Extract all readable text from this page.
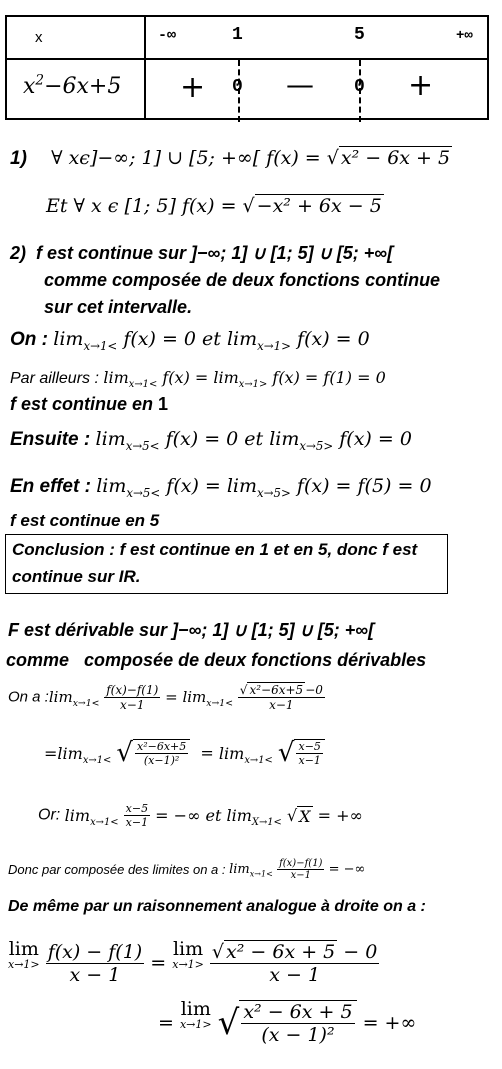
x	-∞ 1 5 +∞

$x^2-6x+5$	+ 0 — 0 +
1) ∀ xϵ]−∞; 1] ∪ [5; +∞[ f(x) = √ x² − 6x + 5
Et ∀ x ϵ [1; 5] f(x) = √ −x² + 6x − 5
2) f est continue sur ]−∞; 1] ∪ [1; 5] ∪ [5; +∞[
comme composée de deux fonctions continue
sur cet intervalle.
On : $\lim_{x\to 1<} f(x) = 0$ et $\lim_{x\to 1>} f(x) = 0$
Par ailleurs : $\lim_{x\to 1<} f(x) = \lim_{x\to 1>} f(x) = f(1) = 0$
f est continue en 1
Ensuite : $\lim_{x\to 5<} f(x) = 0$ et $\lim_{x\to 5>} f(x) = 0$
En effet : $\lim_{x\to 5<} f(x) = \lim_{x\to 5>} f(x) = f(5) = 0$
f est continue en 5
Conclusion : f est continue en 1 et en 5, donc f est
continue sur IR.
F est dérivable sur ]−∞; 1] ∪ [1; 5] ∪ [5; +∞[
comme composée de deux fonctions dérivables
On a $:\lim_{x\to 1<} \frac{f(x)-f(1)}{x-1} = \lim_{x\to 1<} \frac{\text{√ x²−6x+5 −0}}{x-1}$
$=\lim_{x\to 1<}$ √ $\frac{\text{x²−6x+5}}{\text{(x−1)²}} = \lim_{x\to 1<}$ √ $\frac{x-5}{x-1}$
Or: $\lim_{x\to 1<} \frac{x-5}{x-1}$ = −∞ et $\lim_{X\to 1<}$ √ X = +∞
Donc par composée des limites on a : $\lim_{x\to 1<} \frac{f(x)-f(1)}{x-1}$ = −∞
De même par un raisonnement analogue à droite on a :
lim
x→1>
$\frac{f(x) - f(1)}{x - 1}$ =
lim
x→1>
$\frac{\text{√ x² − 6x + 5 − 0}}{x - 1}$
=
lim
x→1> √ $\frac{\text{x² − 6x + 5}}{\text{(x − 1)²}}$ = +∞
